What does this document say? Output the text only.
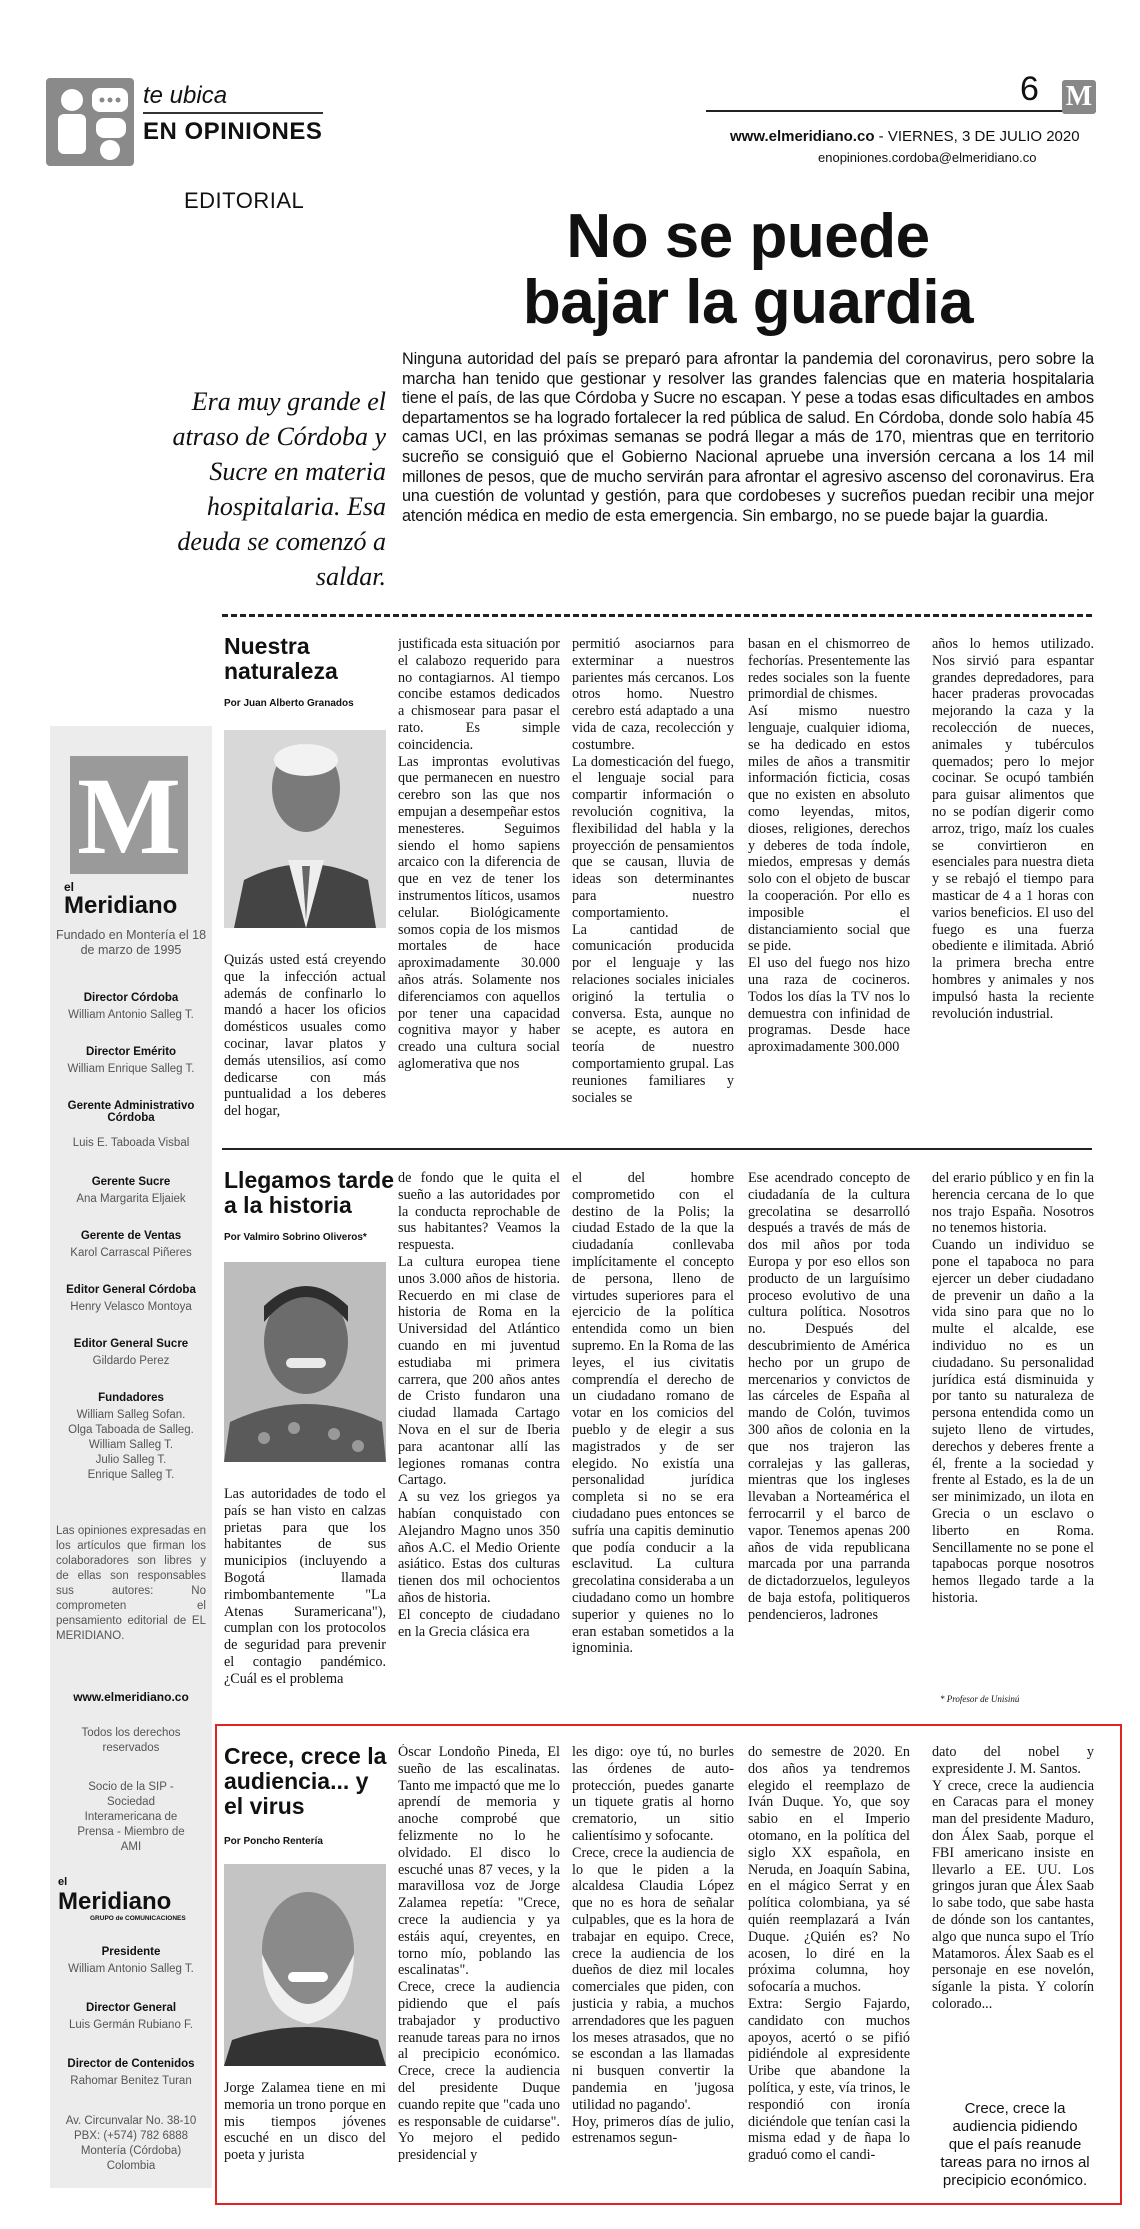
te ubica
EN OPINIONES
6 M
www.elmeridiano.co - VIERNES, 3 DE JULIO 2020
enopiniones.cordoba@elmeridiano.co
EDITORIAL
No se puede
bajar la guardia
Era muy grande el atraso de Córdoba y Sucre en materia hospitalaria. Esa deuda se comenzó a saldar.
Ninguna autoridad del país se preparó para afrontar la pandemia del coronavirus, pero sobre la marcha han tenido que gestionar y resolver las grandes falencias que en materia hospitalaria tiene el país, de las que Córdoba y Sucre no escapan. Y pese a todas esas dificultades en ambos departamentos se ha logrado fortalecer la red pública de salud. En Córdoba, donde solo había 45 camas UCI, en las próximas semanas se podrá llegar a más de 170, mientras que en territorio sucreño se consiguió que el Gobierno Nacional apruebe una inversión cercana a los 14 mil millones de pesos, que de mucho servirán para afrontar el agresivo ascenso del coronavirus. Era una cuestión de voluntad y gestión, para que cordobeses y sucreños puedan recibir una mejor atención médica en medio de esta emergencia. Sin embargo, no se puede bajar la guardia.
M
el
Meridiano
Fundado en Montería el 18 de marzo de 1995
Director Córdoba
William Antonio Salleg T.
Director Emérito
William Enrique Salleg T.
Gerente Administrativo Córdoba
Luis E. Taboada Visbal
Gerente Sucre
Ana Margarita Eljaiek
Gerente de Ventas
Karol Carrascal Piñeres
Editor General Córdoba
Henry Velasco Montoya
Editor General Sucre
Gildardo Perez
Fundadores
William Salleg Sofan.
Olga Taboada de Salleg.
William Salleg T.
Julio Salleg T.
Enrique Salleg T.
Las opiniones expresadas en los artículos que firman los colaboradores son libres y de ellas son responsables sus autores: No comprometen el pensamiento editorial de EL MERIDIANO.
www.elmeridiano.co
Todos los derechos reservados
Socio de la SIP - Sociedad Interamericana de Prensa - Miembro de AMI
el
Meridiano
GRUPO de COMUNICACIONES
Presidente
William Antonio Salleg T.
Director General
Luis Germán Rubiano F.
Director de Contenidos
Rahomar Benitez Turan
Av. Circunvalar No. 38-10
PBX: (+574) 782 6888
Montería (Córdoba)
Colombia
Nuestra naturaleza
Por Juan Alberto Granados
Quizás usted está creyendo que la infección actual además de confinarlo lo mandó a hacer los oficios domésticos usuales como cocinar, lavar platos y demás utensilios, así como dedicarse con más puntualidad a los deberes del hogar,
justificada esta situación por el calabozo requerido para no contagiarnos. Al tiempo concibe estamos dedicados a chismosear para pasar el rato. Es simple coincidencia.
Las improntas evolutivas que permanecen en nuestro cerebro son las que nos empujan a desempeñar estos menesteres. Seguimos siendo el homo sapiens arcaico con la diferencia de que en vez de tener los instrumentos líticos, usamos celular. Biológicamente somos copia de los mismos mortales de hace aproximadamente 30.000 años atrás. Solamente nos diferenciamos con aquellos por tener una capacidad cognitiva mayor y haber creado una cultura social aglomerativa que nos
permitió asociarnos para exterminar a nuestros parientes más cercanos. Los otros homo. Nuestro cerebro está adaptado a una vida de caza, recolección y costumbre.
La domesticación del fuego, el lenguaje social para compartir información o revolución cognitiva, la flexibilidad del habla y la proyección de pensamientos que se causan, lluvia de ideas son determinantes para nuestro comportamiento.
La cantidad de comunicación producida por el lenguaje y las relaciones sociales iniciales originó la tertulia o conversa. Esta, aunque no se acepte, es autora en teoría de nuestro comportamiento grupal. Las reuniones familiares y sociales se
basan en el chismorreo de fechorías. Presentemente las redes sociales son la fuente primordial de chismes.
Así mismo nuestro lenguaje, cualquier idioma, se ha dedicado en estos miles de años a transmitir información ficticia, cosas que no existen en absoluto como leyendas, mitos, dioses, religiones, derechos y deberes de toda índole, miedos, empresas y demás solo con el objeto de buscar la cooperación. Por ello es imposible el distanciamiento social que se pide.
El uso del fuego nos hizo una raza de cocineros. Todos los días la TV nos lo demuestra con infinidad de programas. Desde hace aproximadamente 300.000
años lo hemos utilizado. Nos sirvió para espantar grandes depredadores, para hacer praderas provocadas mejorando la caza y la recolección de nueces, animales y tubérculos quemados; pero lo mejor cocinar. Se ocupó también para guisar alimentos que no se podían digerir como arroz, trigo, maíz los cuales se convirtieron en esenciales para nuestra dieta y se rebajó el tiempo para masticar de 4 a 1 horas con varios beneficios. El uso del fuego es una fuerza obediente e ilimitada. Abrió la primera brecha entre hombres y animales y nos impulsó hasta la reciente revolución industrial.
Llegamos tarde a la historia
Por Valmiro Sobrino Oliveros*
Las autoridades de todo el país se han visto en calzas prietas para que los habitantes de sus municipios (incluyendo a Bogotá llamada rimbombantemente "La Atenas Suramericana"), cumplan con los protocolos de seguridad para prevenir el contagio pandémico. ¿Cuál es el problema
de fondo que le quita el sueño a las autoridades por la conducta reprochable de sus habitantes? Veamos la respuesta.
La cultura europea tiene unos 3.000 años de historia. Recuerdo en mi clase de historia de Roma en la Universidad del Atlántico cuando en mi juventud estudiaba mi primera carrera, que 200 años antes de Cristo fundaron una ciudad llamada Cartago Nova en el sur de Iberia para acantonar allí las legiones romanas contra Cartago.
A su vez los griegos ya habían conquistado con Alejandro Magno unos 350 años A.C. el Medio Oriente asiático. Estas dos culturas tienen dos mil ochocientos años de historia.
El concepto de ciudadano en la Grecia clásica era
el del hombre comprometido con el destino de la Polis; la ciudad Estado de la que la ciudadanía conllevaba implícitamente el concepto de persona, lleno de virtudes superiores para el ejercicio de la política entendida como un bien supremo. En la Roma de las leyes, el ius civitatis comprendía el derecho de un ciudadano romano de votar en los comicios del pueblo y de elegir a sus magistrados y de ser elegido. No existía una personalidad jurídica completa si no se era ciudadano pues entonces se sufría una capitis deminutio que podía conducir a la esclavitud. La cultura grecolatina consideraba a un ciudadano como un hombre superior y quienes no lo eran estaban sometidos a la ignominia.
Ese acendrado concepto de ciudadanía de la cultura grecolatina se desarrolló después a través de más de dos mil años por toda Europa y por eso ellos son producto de un larguísimo proceso evolutivo de una cultura política. Nosotros no. Después del descubrimiento de América hecho por un grupo de mercenarios y convictos de las cárceles de España al mando de Colón, tuvimos 300 años de colonia en la que nos trajeron las corralejas y las galleras, mientras que los ingleses llevaban a Norteamérica el ferrocarril y el barco de vapor. Tenemos apenas 200 años de vida republicana marcada por una parranda de dictadorzuelos, leguleyos de baja estofa, politiqueros pendencieros, ladrones
del erario público y en fin la herencia cercana de lo que nos trajo España. Nosotros no tenemos historia.
Cuando un individuo se pone el tapaboca no para ejercer un deber ciudadano de prevenir un daño a la vida sino para que no lo multe el alcalde, ese individuo no es un ciudadano. Su personalidad jurídica está disminuida y por tanto su naturaleza de persona entendida como un sujeto lleno de virtudes, derechos y deberes frente a él, frente a la sociedad y frente al Estado, es la de un ser minimizado, un ilota en Grecia o un esclavo o liberto en Roma. Sencillamente no se pone el tapabocas porque nosotros hemos llegado tarde a la historia.
* Profesor de Unisinú
Crece, crece la audiencia... y el virus
Por Poncho Rentería
Jorge Zalamea tiene en mi memoria un trono porque en mis tiempos jóvenes escuché en un disco del poeta y jurista
Óscar Londoño Pineda, El sueño de las escalinatas. Tanto me impactó que me lo aprendí de memoria y anoche comprobé que felizmente no lo he olvidado. El disco lo escuché unas 87 veces, y la maravillosa voz de Jorge Zalamea repetía: "Crece, crece la audiencia y ya estáis aquí, creyentes, en torno mío, poblando las escalinatas".
Crece, crece la audiencia pidiendo que el país trabajador y productivo reanude tareas para no irnos al precipicio económico. Crece, crece la audiencia del presidente Duque cuando repite que "cada uno es responsable de cuidarse". Yo mejoro el pedido presidencial y
les digo: oye tú, no burles las órdenes de auto-protección, puedes ganarte un tiquete gratis al horno crematorio, un sitio calientísimo y sofocante.
Crece, crece la audiencia de lo que le piden a la alcaldesa Claudia López que no es hora de señalar culpables, que es la hora de trabajar en equipo. Crece, crece la audiencia de los dueños de diez mil locales comerciales que piden, con justicia y rabia, a muchos arrendadores que les paguen los meses atrasados, que no se escondan a las llamadas ni busquen convertir la pandemia en 'jugosa utilidad no pagando'.
Hoy, primeros días de julio, estrenamos segun-
do semestre de 2020. En dos años ya tendremos elegido el reemplazo de Iván Duque. Yo, que soy sabio en el Imperio otomano, en la política del siglo XX española, en Neruda, en Joaquín Sabina, en el mágico Serrat y en política colombiana, ya sé quién reemplazará a Iván Duque. ¿Quién es? No acosen, lo diré en la próxima columna, hoy sofocaría a muchos.
Extra: Sergio Fajardo, candidato con muchos apoyos, acertó o se pifió pidiéndole al expresidente Uribe que abandone la política, y este, vía trinos, le respondió con ironía diciéndole que tenían casi la misma edad y de ñapa lo graduó como el candi-
dato del nobel y expresidente J. M. Santos.
Y crece, crece la audiencia en Caracas para el money man del presidente Maduro, don Álex Saab, porque el FBI americano insiste en llevarlo a EE. UU. Los gringos juran que Álex Saab lo sabe todo, que sabe hasta de dónde son los cantantes, algo que nunca supo el Trío Matamoros. Álex Saab es el personaje en ese novelón, síganle la pista. Y colorín colorado...
Crece, crece la audiencia pidiendo que el país reanude tareas para no irnos al precipicio económico.
